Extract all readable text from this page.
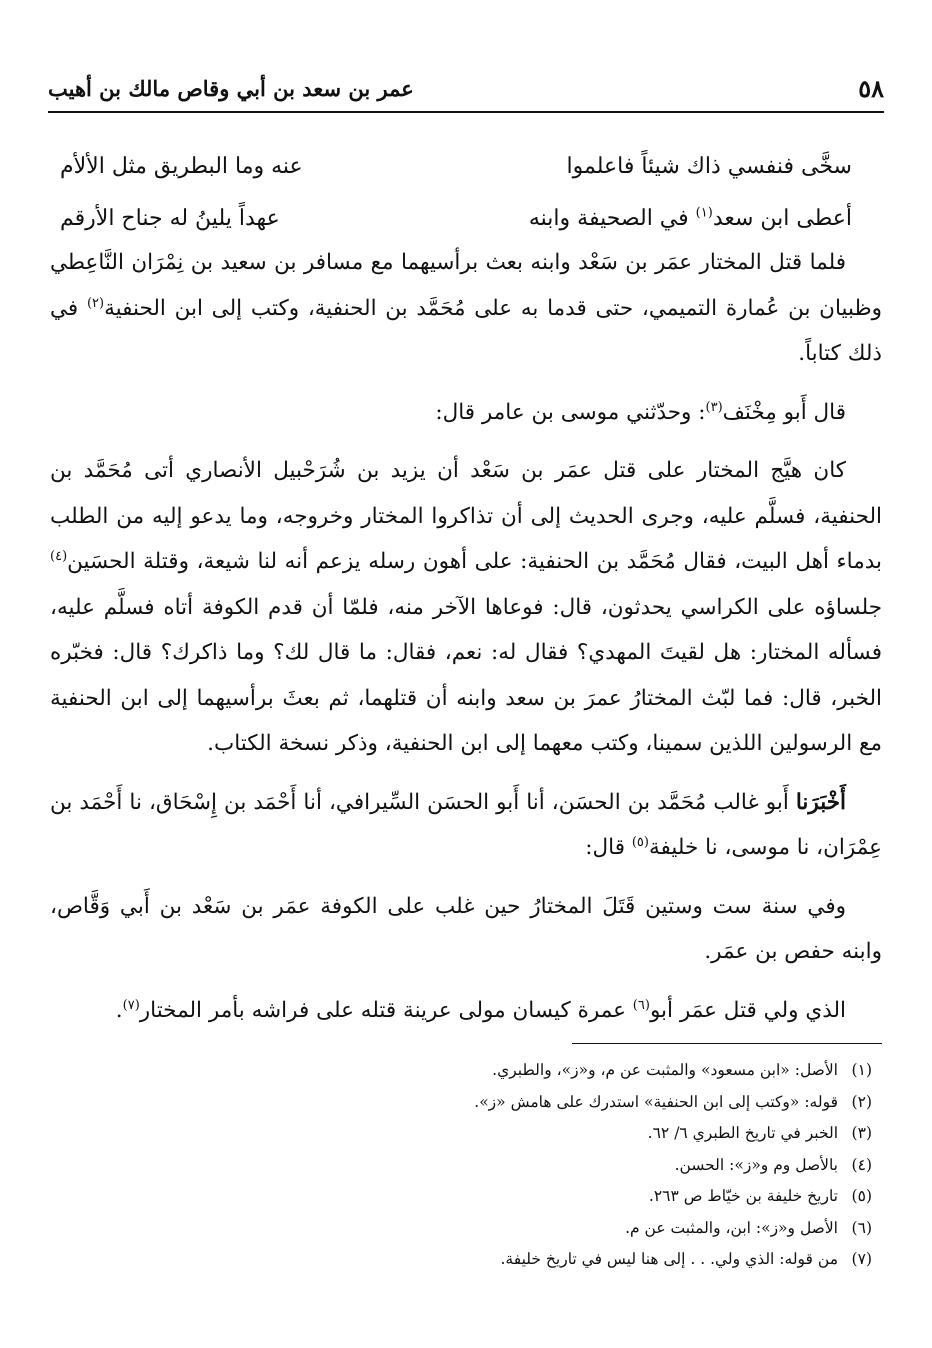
٥٨
عمر بن سعد بن أبي وقاص مالك بن أهيب
سخَّى فنفسي ذاك شيئاً فاعلموا
عنه وما البطريق مثل الألأم
أعطى ابن سعد$^{(١)}$ في الصحيفة وابنه
عهداً يلينُ له جناح الأرقم

فلما قتل المختار عمَر بن سَعْد وابنه بعث برأسيهما مع مسافر بن سعيد بن نِمْرَان النَّاعِطي وظبيان بن عُمارة التميمي، حتى قدما به على مُحَمَّد بن الحنفية، وكتب إلى ابن الحنفية$^{(٢)}$ في ذلك كتاباً.

قال أَبو مِخْنَف$^{(٣)}$: وحدّثني موسى بن عامر قال:

كان هيَّج المختار على قتل عمَر بن سَعْد أن يزيد بن شُرَحْبيل الأنصاري أتى مُحَمَّد بن الحنفية، فسلَّم عليه، وجرى الحديث إلى أن تذاكروا المختار وخروجه، وما يدعو إليه من الطلب بدماء أهل البيت، فقال مُحَمَّد بن الحنفية: على أهون رسله يزعم أنه لنا شيعة، وقتلة الحسَين$^{(٤)}$ جلساؤه على الكراسي يحدثون، قال: فوعاها الآخر منه، فلمّا أن قدم الكوفة أتاه فسلَّم عليه، فسأله المختار: هل لقيتَ المهدي؟ فقال له: نعم، فقال: ما قال لك؟ وما ذاكرك؟ قال: فخبّره الخبر، قال: فما لبّث المختارُ عمرَ بن سعد وابنه أن قتلهما، ثم بعثَ برأسيهما إلى ابن الحنفية مع الرسولين اللذين سمينا، وكتب معهما إلى ابن الحنفية، وذكر نسخة الكتاب.

أَخْبَرَنا أَبو غالب مُحَمَّد بن الحسَن، أنا أَبو الحسَن السِّيرافي، أنا أَحْمَد بن إِسْحَاق، نا أَحْمَد بن عِمْرَان، نا موسى، نا خليفة$^{(٥)}$ قال:

وفي سنة ست وستين قَتَلَ المختارُ حين غلب على الكوفة عمَر بن سَعْد بن أَبي وَقَّاص، وابنه حفص بن عمَر.

الذي ولي قتل عمَر أبو$^{(٦)}$ عمرة كيسان مولى عرينة قتله على فراشه بأمر المختار$^{(٧)}$.

(١)
الأصل: «ابن مسعود» والمثبت عن م، و«ز»، والطبري.
(٢)
قوله: «وكتب إلى ابن الحنفية» استدرك على هامش «ز».
(٣)
الخبر في تاريخ الطبري ٦/ ٦٢.
(٤)
بالأصل وم و«ز»: الحسن.
(٥)
تاريخ خليفة بن خيّاط ص ٢٦٣.
(٦)
الأصل و«ز»: ابن، والمثبت عن م.
(٧)
من قوله: الذي ولي. . . إلى هنا ليس في تاريخ خليفة.
